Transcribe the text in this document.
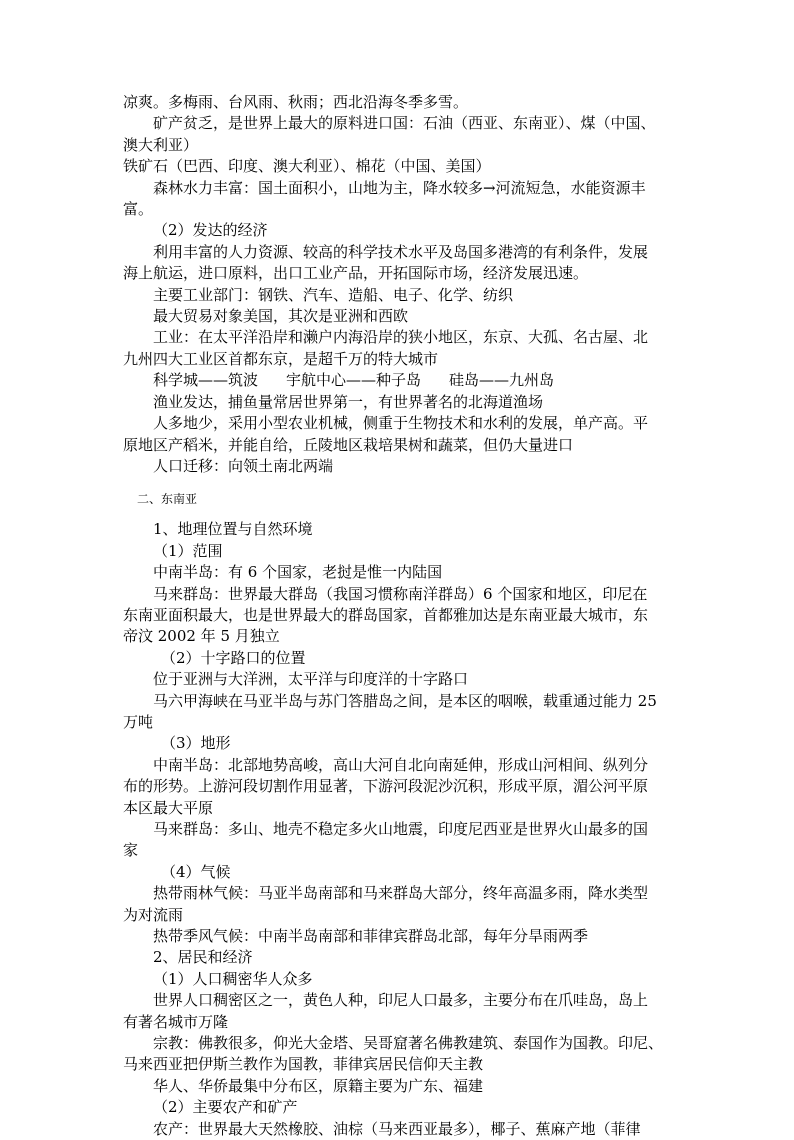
凉爽。多梅雨、台风雨、秋雨；西北沿海冬季多雪。
矿产贫乏，是世界上最大的原料进口国：石油（西亚、东南亚）、煤（中国、
澳大利亚）
铁矿石（巴西、印度、澳大利亚）、棉花（中国、美国）
森林水力丰富：国土面积小，山地为主，降水较多→河流短急，水能资源丰
富。
（2）发达的经济
利用丰富的人力资源、较高的科学技术水平及岛国多港湾的有利条件，发展
海上航运，进口原料，出口工业产品，开拓国际市场，经济发展迅速。
主要工业部门：钢铁、汽车、造船、电子、化学、纺织
最大贸易对象美国，其次是亚洲和西欧
工业：在太平洋沿岸和濑户内海沿岸的狭小地区，东京、大孤、名古屋、北
九州四大工业区首都东京，是超千万的特大城市
科学城——筑波 宇航中心——种子岛 硅岛——九州岛
渔业发达，捕鱼量常居世界第一，有世界著名的北海道渔场
人多地少，采用小型农业机械，侧重于生物技术和水利的发展，单产高。平
原地区产稻米，并能自给，丘陵地区栽培果树和蔬菜，但仍大量进口
人口迁移：向领土南北两端
二、东南亚
1、地理位置与自然环境
（1）范围
中南半岛：有 6 个国家，老挝是惟一内陆国
马来群岛：世界最大群岛（我国习惯称南洋群岛）6 个国家和地区，印尼在
东南亚面积最大，也是世界最大的群岛国家，首都雅加达是东南亚最大城市，东
帝汶 2002 年 5 月独立
（2）十字路口的位置
位于亚洲与大洋洲，太平洋与印度洋的十字路口
马六甲海峡在马亚半岛与苏门答腊岛之间，是本区的咽喉，载重通过能力 25
万吨
（3）地形
中南半岛：北部地势高峻，高山大河自北向南延伸，形成山河相间、纵列分
布的形势。上游河段切割作用显著，下游河段泥沙沉积，形成平原，湄公河平原
本区最大平原
马来群岛：多山、地壳不稳定多火山地震，印度尼西亚是世界火山最多的国
家
（4）气候
热带雨林气候：马亚半岛南部和马来群岛大部分，终年高温多雨，降水类型
为对流雨
热带季风气候：中南半岛南部和菲律宾群岛北部，每年分旱雨两季
2、居民和经济
（1）人口稠密华人众多
世界人口稠密区之一，黄色人种，印尼人口最多，主要分布在爪哇岛，岛上
有著名城市万隆
宗教：佛教很多，仰光大金塔、吴哥窟著名佛教建筑、泰国作为国教。印尼、
马来西亚把伊斯兰教作为国教，菲律宾居民信仰天主教
华人、华侨最集中分布区，原籍主要为广东、福建
（2）主要农产和矿产
农产：世界最大天然橡胶、油棕（马来西亚最多），椰子、蕉麻产地（菲律
